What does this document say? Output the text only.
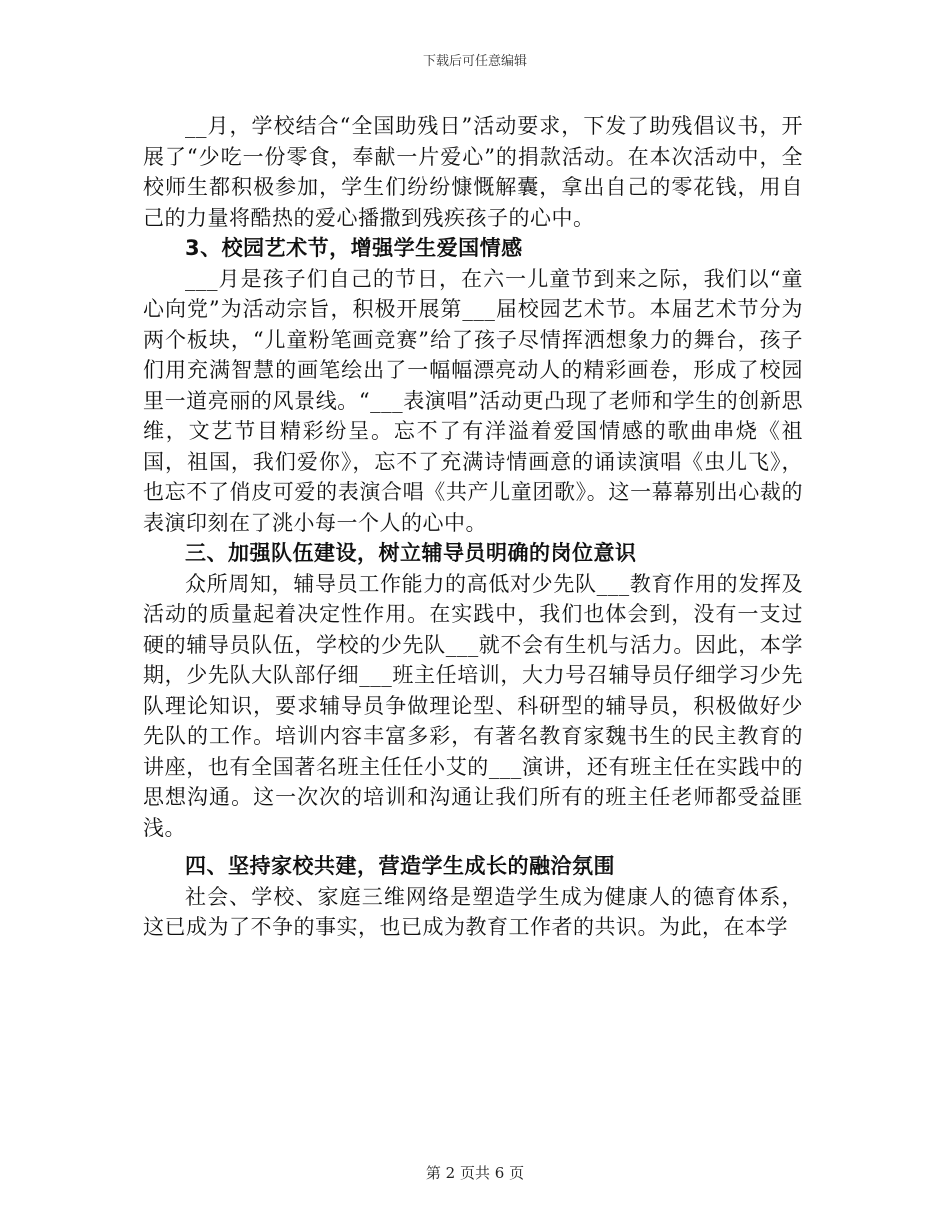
下载后可任意编辑

__月，学校结合“全国助残日”活动要求，下发了助残倡议书，开展了“少吃一份零食，奉献一片爱心”的捐款活动。在本次活动中，全校师生都积极参加，学生们纷纷慷慨解囊，拿出自己的零花钱，用自己的力量将酷热的爱心播撒到残疾孩子的心中。

3、校园艺术节，增强学生爱国情感

___月是孩子们自己的节日，在六一儿童节到来之际，我们以“童心向党”为活动宗旨，积极开展第___届校园艺术节。本届艺术节分为两个板块，“儿童粉笔画竞赛”给了孩子尽情挥洒想象力的舞台，孩子们用充满智慧的画笔绘出了一幅幅漂亮动人的精彩画卷，形成了校园里一道亮丽的风景线。“___表演唱”活动更凸现了老师和学生的创新思维，文艺节目精彩纷呈。忘不了有洋溢着爱国情感的歌曲串烧《祖国，祖国，我们爱你》，忘不了充满诗情画意的诵读演唱《虫儿飞》，也忘不了俏皮可爱的表演合唱《共产儿童团歌》。这一幕幕别出心裁的表演印刻在了洮小每一个人的心中。

三、加强队伍建设，树立辅导员明确的岗位意识

众所周知，辅导员工作能力的高低对少先队___教育作用的发挥及活动的质量起着决定性作用。在实践中，我们也体会到，没有一支过硬的辅导员队伍，学校的少先队___就不会有生机与活力。因此，本学期，少先队大队部仔细___班主任培训，大力号召辅导员仔细学习少先队理论知识，要求辅导员争做理论型、科研型的辅导员，积极做好少先队的工作。培训内容丰富多彩，有著名教育家魏书生的民主教育的讲座，也有全国著名班主任任小艾的___演讲，还有班主任在实践中的思想沟通。这一次次的培训和沟通让我们所有的班主任老师都受益匪浅。

四、坚持家校共建，营造学生成长的融洽氛围

社会、学校、家庭三维网络是塑造学生成为健康人的德育体系，这已成为了不争的事实，也已成为教育工作者的共识。为此，在本学

第 2 页共 6 页
